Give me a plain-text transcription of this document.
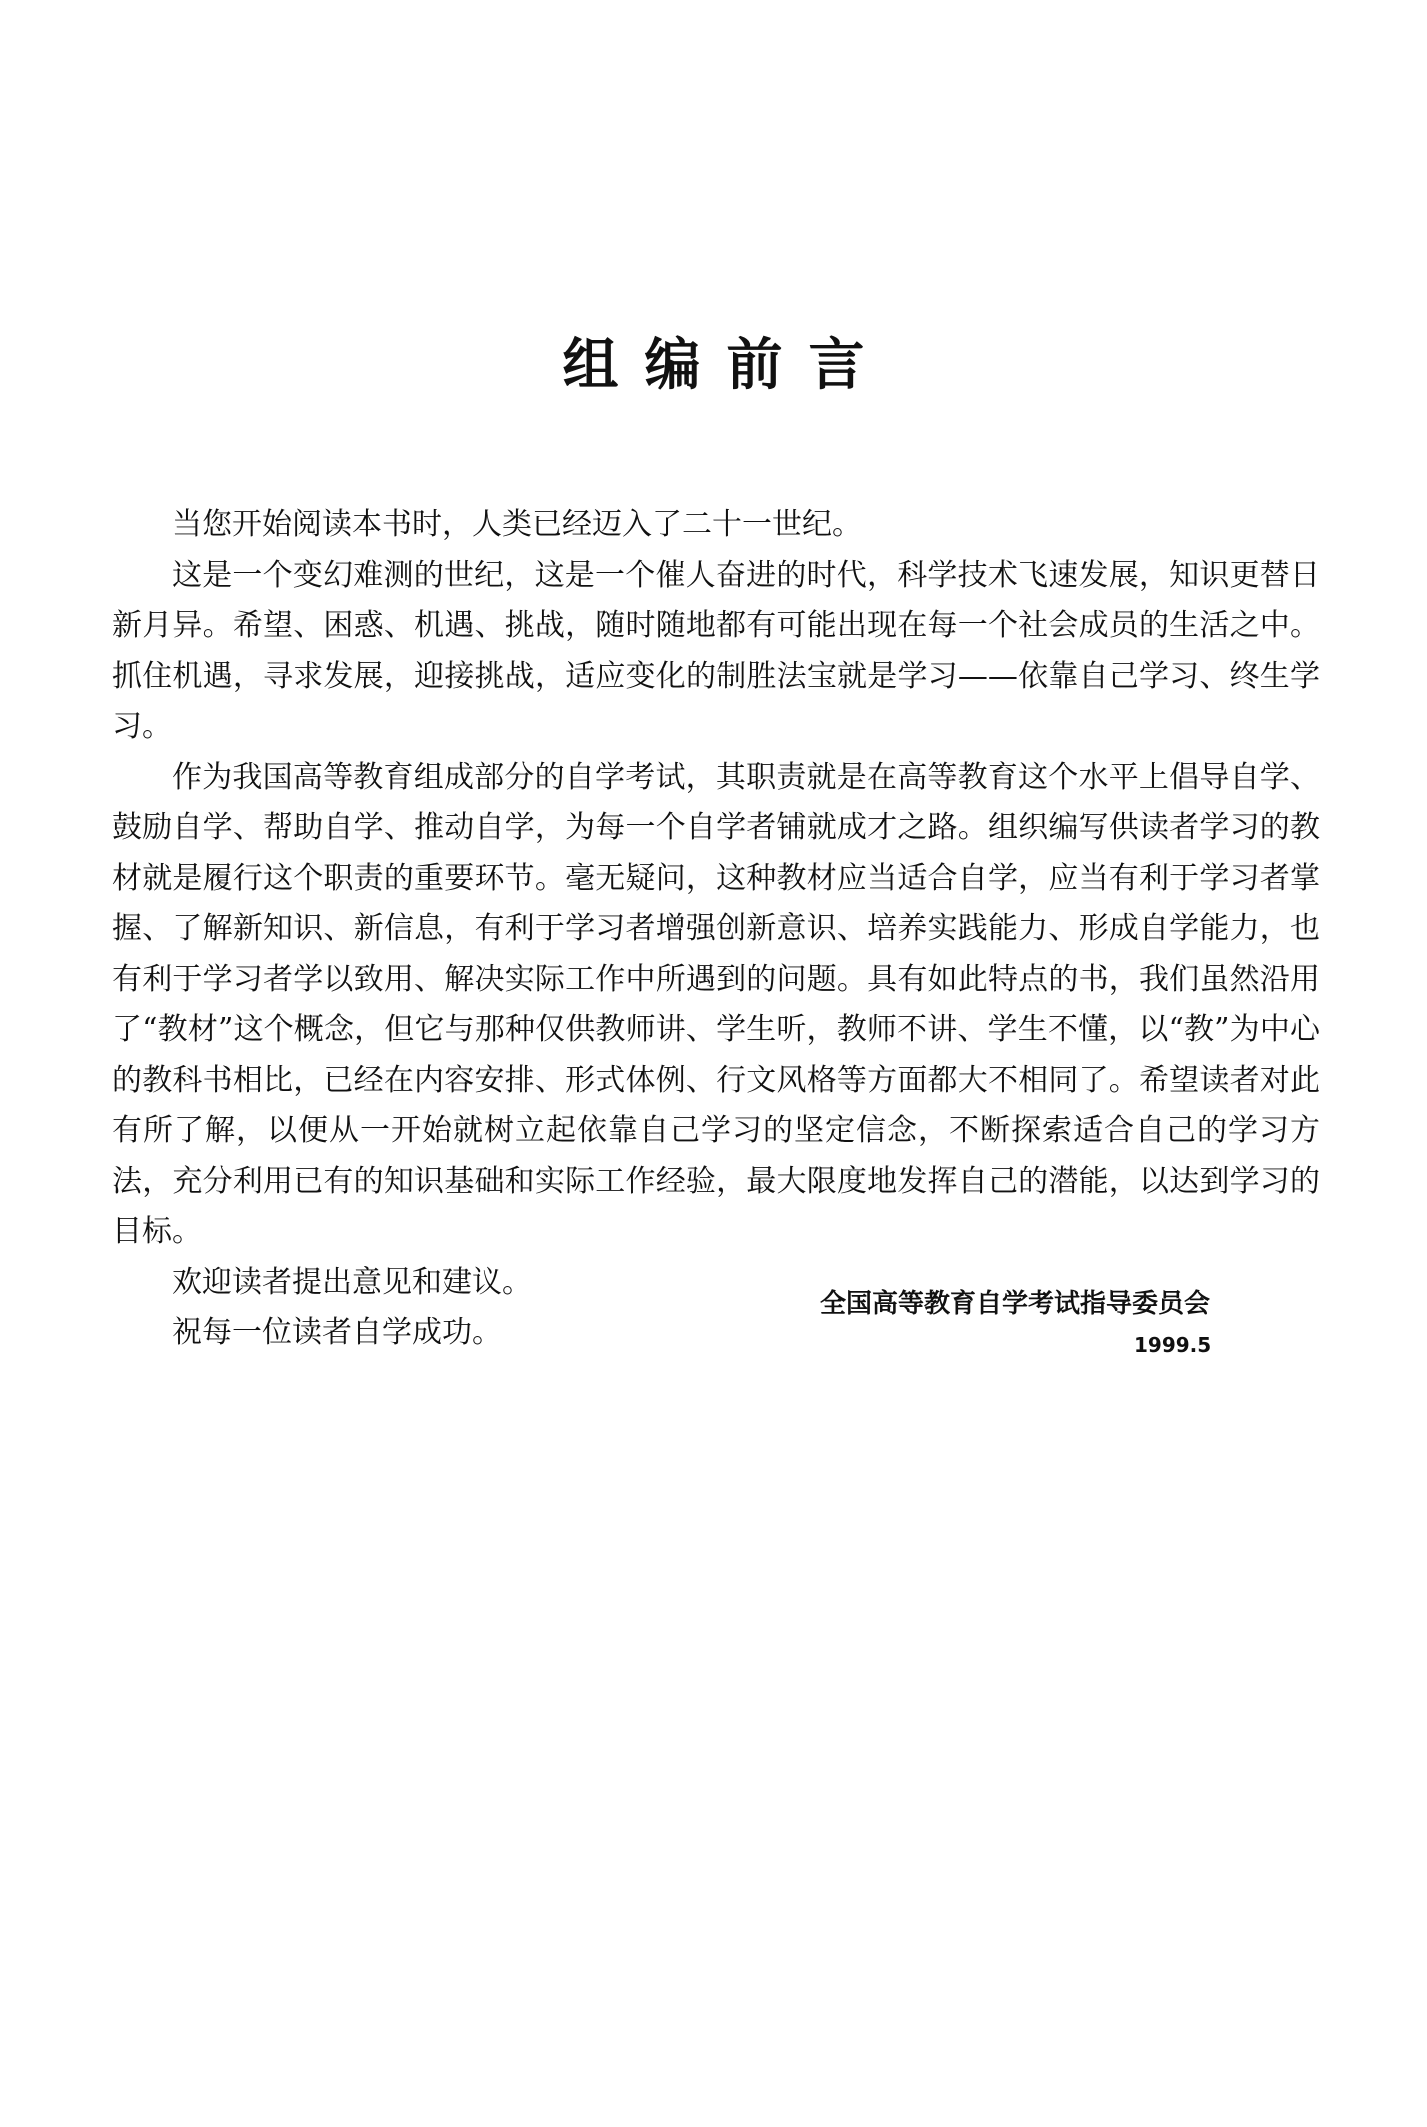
组编前言

当您开始阅读本书时，人类已经迈入了二十一世纪。

这是一个变幻难测的世纪，这是一个催人奋进的时代，科学技术飞速发展，知识更替日新月异。希望、困惑、机遇、挑战，随时随地都有可能出现在每一个社会成员的生活之中。抓住机遇，寻求发展，迎接挑战，适应变化的制胜法宝就是学习——依靠自己学习、终生学习。

作为我国高等教育组成部分的自学考试，其职责就是在高等教育这个水平上倡导自学、鼓励自学、帮助自学、推动自学，为每一个自学者铺就成才之路。组织编写供读者学习的教材就是履行这个职责的重要环节。毫无疑问，这种教材应当适合自学，应当有利于学习者掌握、了解新知识、新信息，有利于学习者增强创新意识、培养实践能力、形成自学能力，也有利于学习者学以致用、解决实际工作中所遇到的问题。具有如此特点的书，我们虽然沿用了“教材”这个概念，但它与那种仅供教师讲、学生听，教师不讲、学生不懂，以“教”为中心的教科书相比，已经在内容安排、形式体例、行文风格等方面都大不相同了。希望读者对此有所了解，以便从一开始就树立起依靠自己学习的坚定信念，不断探索适合自己的学习方法，充分利用已有的知识基础和实际工作经验，最大限度地发挥自己的潜能，以达到学习的目标。

欢迎读者提出意见和建议。

祝每一位读者自学成功。

全国高等教育自学考试指导委员会
1999.5
